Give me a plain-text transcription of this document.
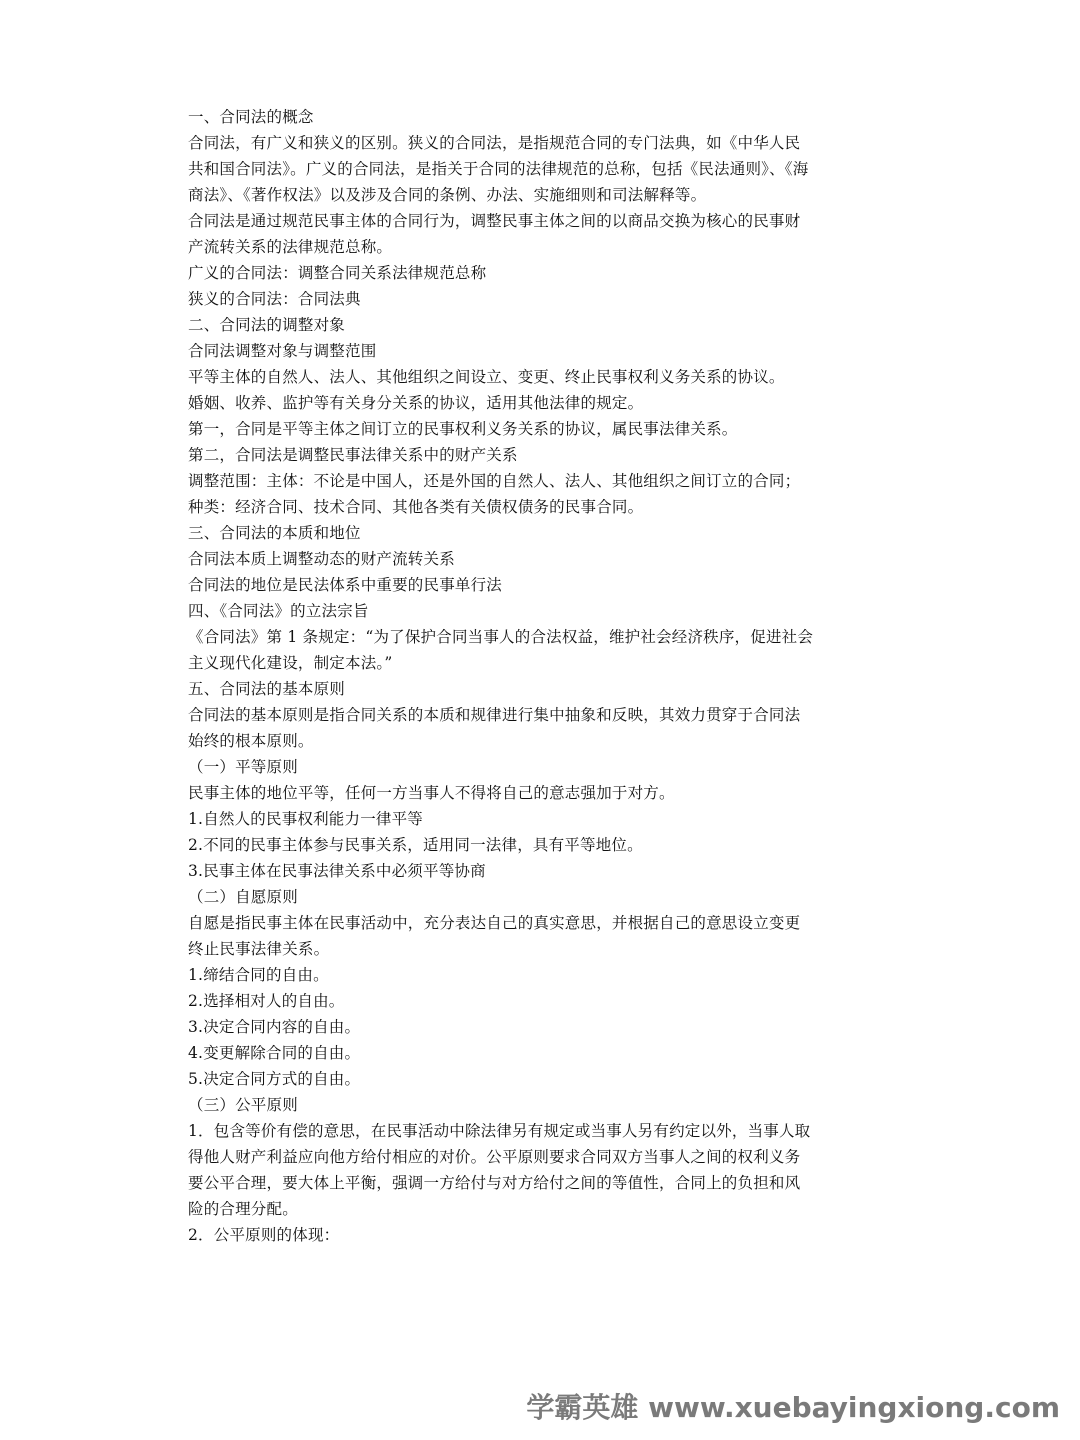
一、合同法的概念
合同法，有广义和狭义的区别。狭义的合同法，是指规范合同的专门法典，如《中华人民
共和国合同法》。广义的合同法，是指关于合同的法律规范的总称，包括《民法通则》、《海
商法》、《著作权法》以及涉及合同的条例、办法、实施细则和司法解释等。
合同法是通过规范民事主体的合同行为，调整民事主体之间的以商品交换为核心的民事财
产流转关系的法律规范总称。
广义的合同法：调整合同关系法律规范总称
狭义的合同法：合同法典
二、合同法的调整对象
合同法调整对象与调整范围
平等主体的自然人、法人、其他组织之间设立、变更、终止民事权利义务关系的协议。
婚姻、收养、监护等有关身分关系的协议，适用其他法律的规定。
第一，合同是平等主体之间订立的民事权利义务关系的协议，属民事法律关系。
第二，合同法是调整民事法律关系中的财产关系
调整范围：主体：不论是中国人，还是外国的自然人、法人、其他组织之间订立的合同；
种类：经济合同、技术合同、其他各类有关债权债务的民事合同。
三、合同法的本质和地位
合同法本质上调整动态的财产流转关系
合同法的地位是民法体系中重要的民事单行法
四、《合同法》的立法宗旨
《合同法》第 1 条规定：“为了保护合同当事人的合法权益，维护社会经济秩序，促进社会
主义现代化建设，制定本法。”
五、合同法的基本原则
合同法的基本原则是指合同关系的本质和规律进行集中抽象和反映，其效力贯穿于合同法
始终的根本原则。
（一）平等原则
民事主体的地位平等，任何一方当事人不得将自己的意志强加于对方。
1.自然人的民事权利能力一律平等
2.不同的民事主体参与民事关系，适用同一法律，具有平等地位。
3.民事主体在民事法律关系中必须平等协商
（二）自愿原则
自愿是指民事主体在民事活动中，充分表达自己的真实意思，并根据自己的意思设立变更
终止民事法律关系。
1.缔结合同的自由。
2.选择相对人的自由。
3.决定合同内容的自由。
4.变更解除合同的自由。
5.决定合同方式的自由。
（三）公平原则
1．包含等价有偿的意思，在民事活动中除法律另有规定或当事人另有约定以外，当事人取
得他人财产利益应向他方给付相应的对价。公平原则要求合同双方当事人之间的权利义务
要公平合理，要大体上平衡，强调一方给付与对方给付之间的等值性，合同上的负担和风
险的合理分配。
2．公平原则的体现：
学霸英雄 www.xuebayingxiong.com
